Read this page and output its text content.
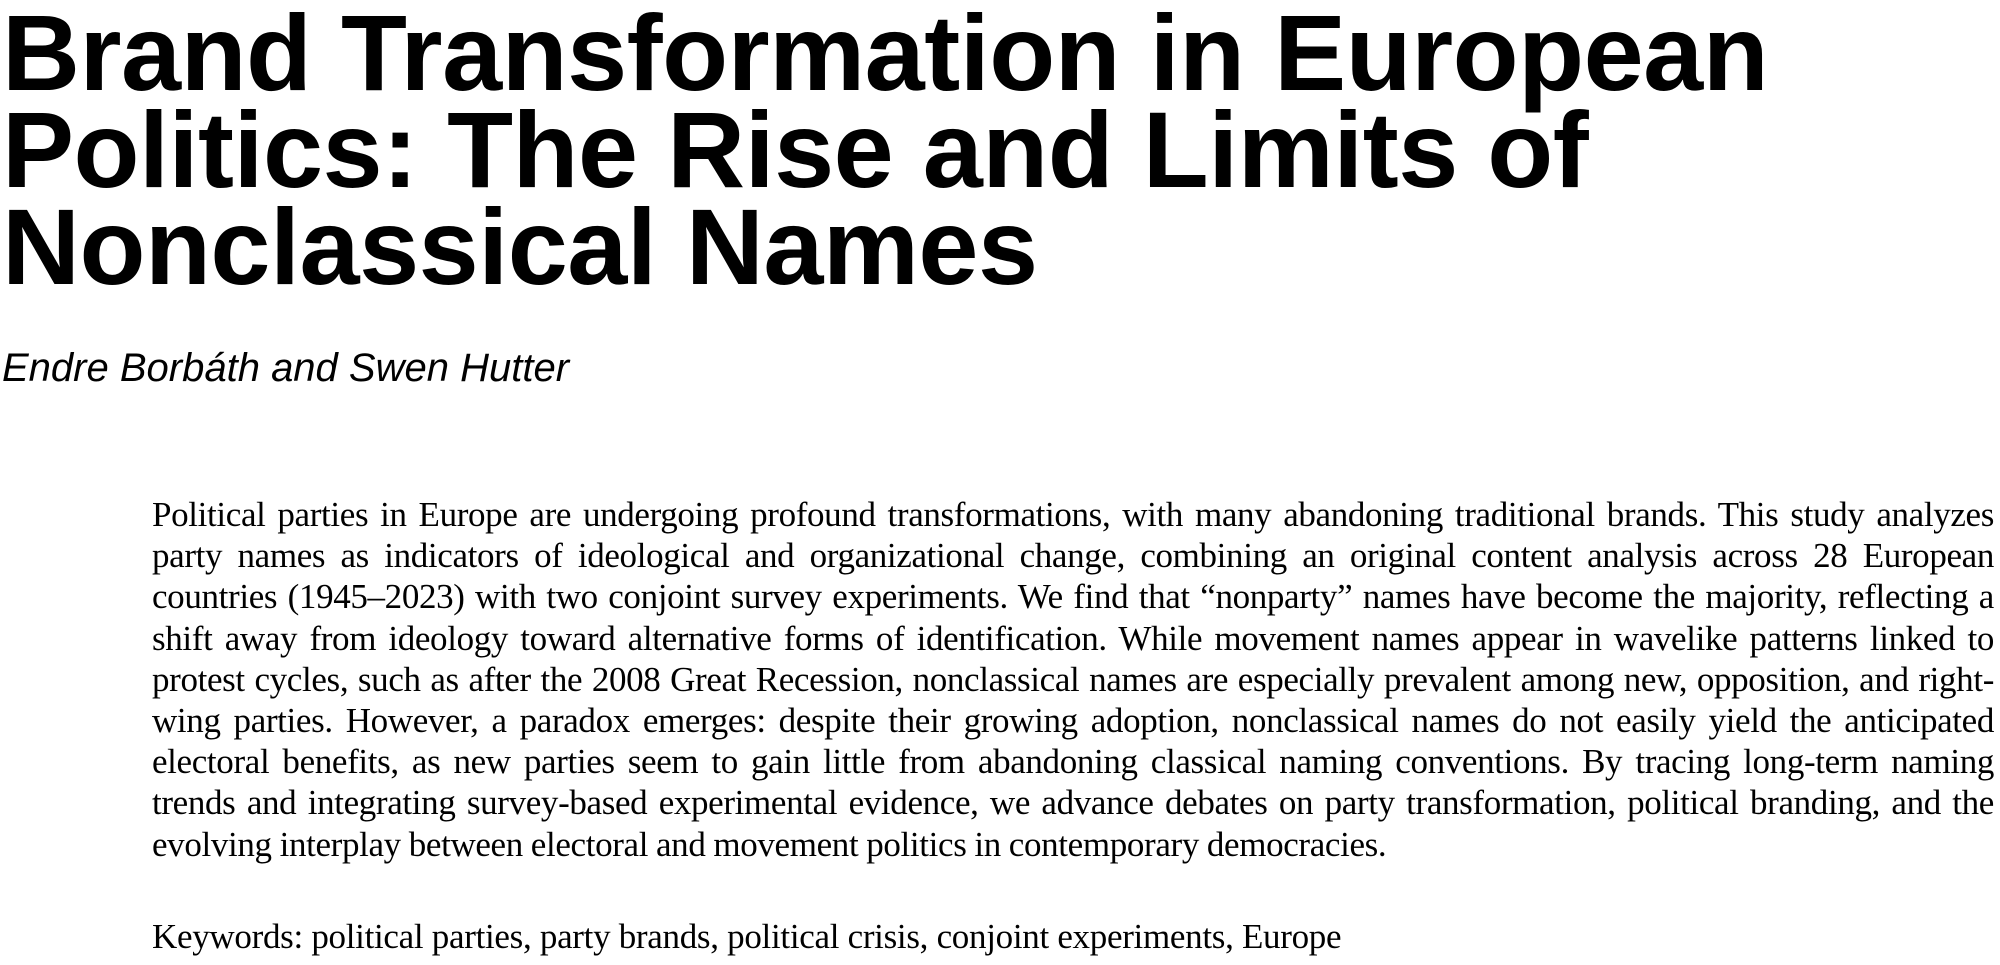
Brand Transformation in European Politics: The Rise and Limits of Nonclassical Names

Endre Borbáth and Swen Hutter

Political parties in Europe are undergoing profound transformations, with many abandoning traditional brands. This study analyzes party names as indicators of ideological and organizational change, combining an original content analysis across 28 European countries (1945–2023) with two conjoint survey experiments. We find that “nonparty” names have become the majority, reflecting a shift away from ideology toward alternative forms of identification. While movement names appear in wavelike patterns linked to protest cycles, such as after the 2008 Great Recession, nonclassical names are especially prevalent among new, opposition, and right-wing parties. However, a paradox emerges: despite their growing adoption, nonclassical names do not easily yield the anticipated electoral benefits, as new parties seem to gain little from abandoning classical naming conventions. By tracing long-term naming trends and integrating survey-based experimental evidence, we advance debates on party transformation, political branding, and the evolving interplay between electoral and movement politics in contemporary democracies.

Keywords: political parties, party brands, political crisis, conjoint experiments, Europe
